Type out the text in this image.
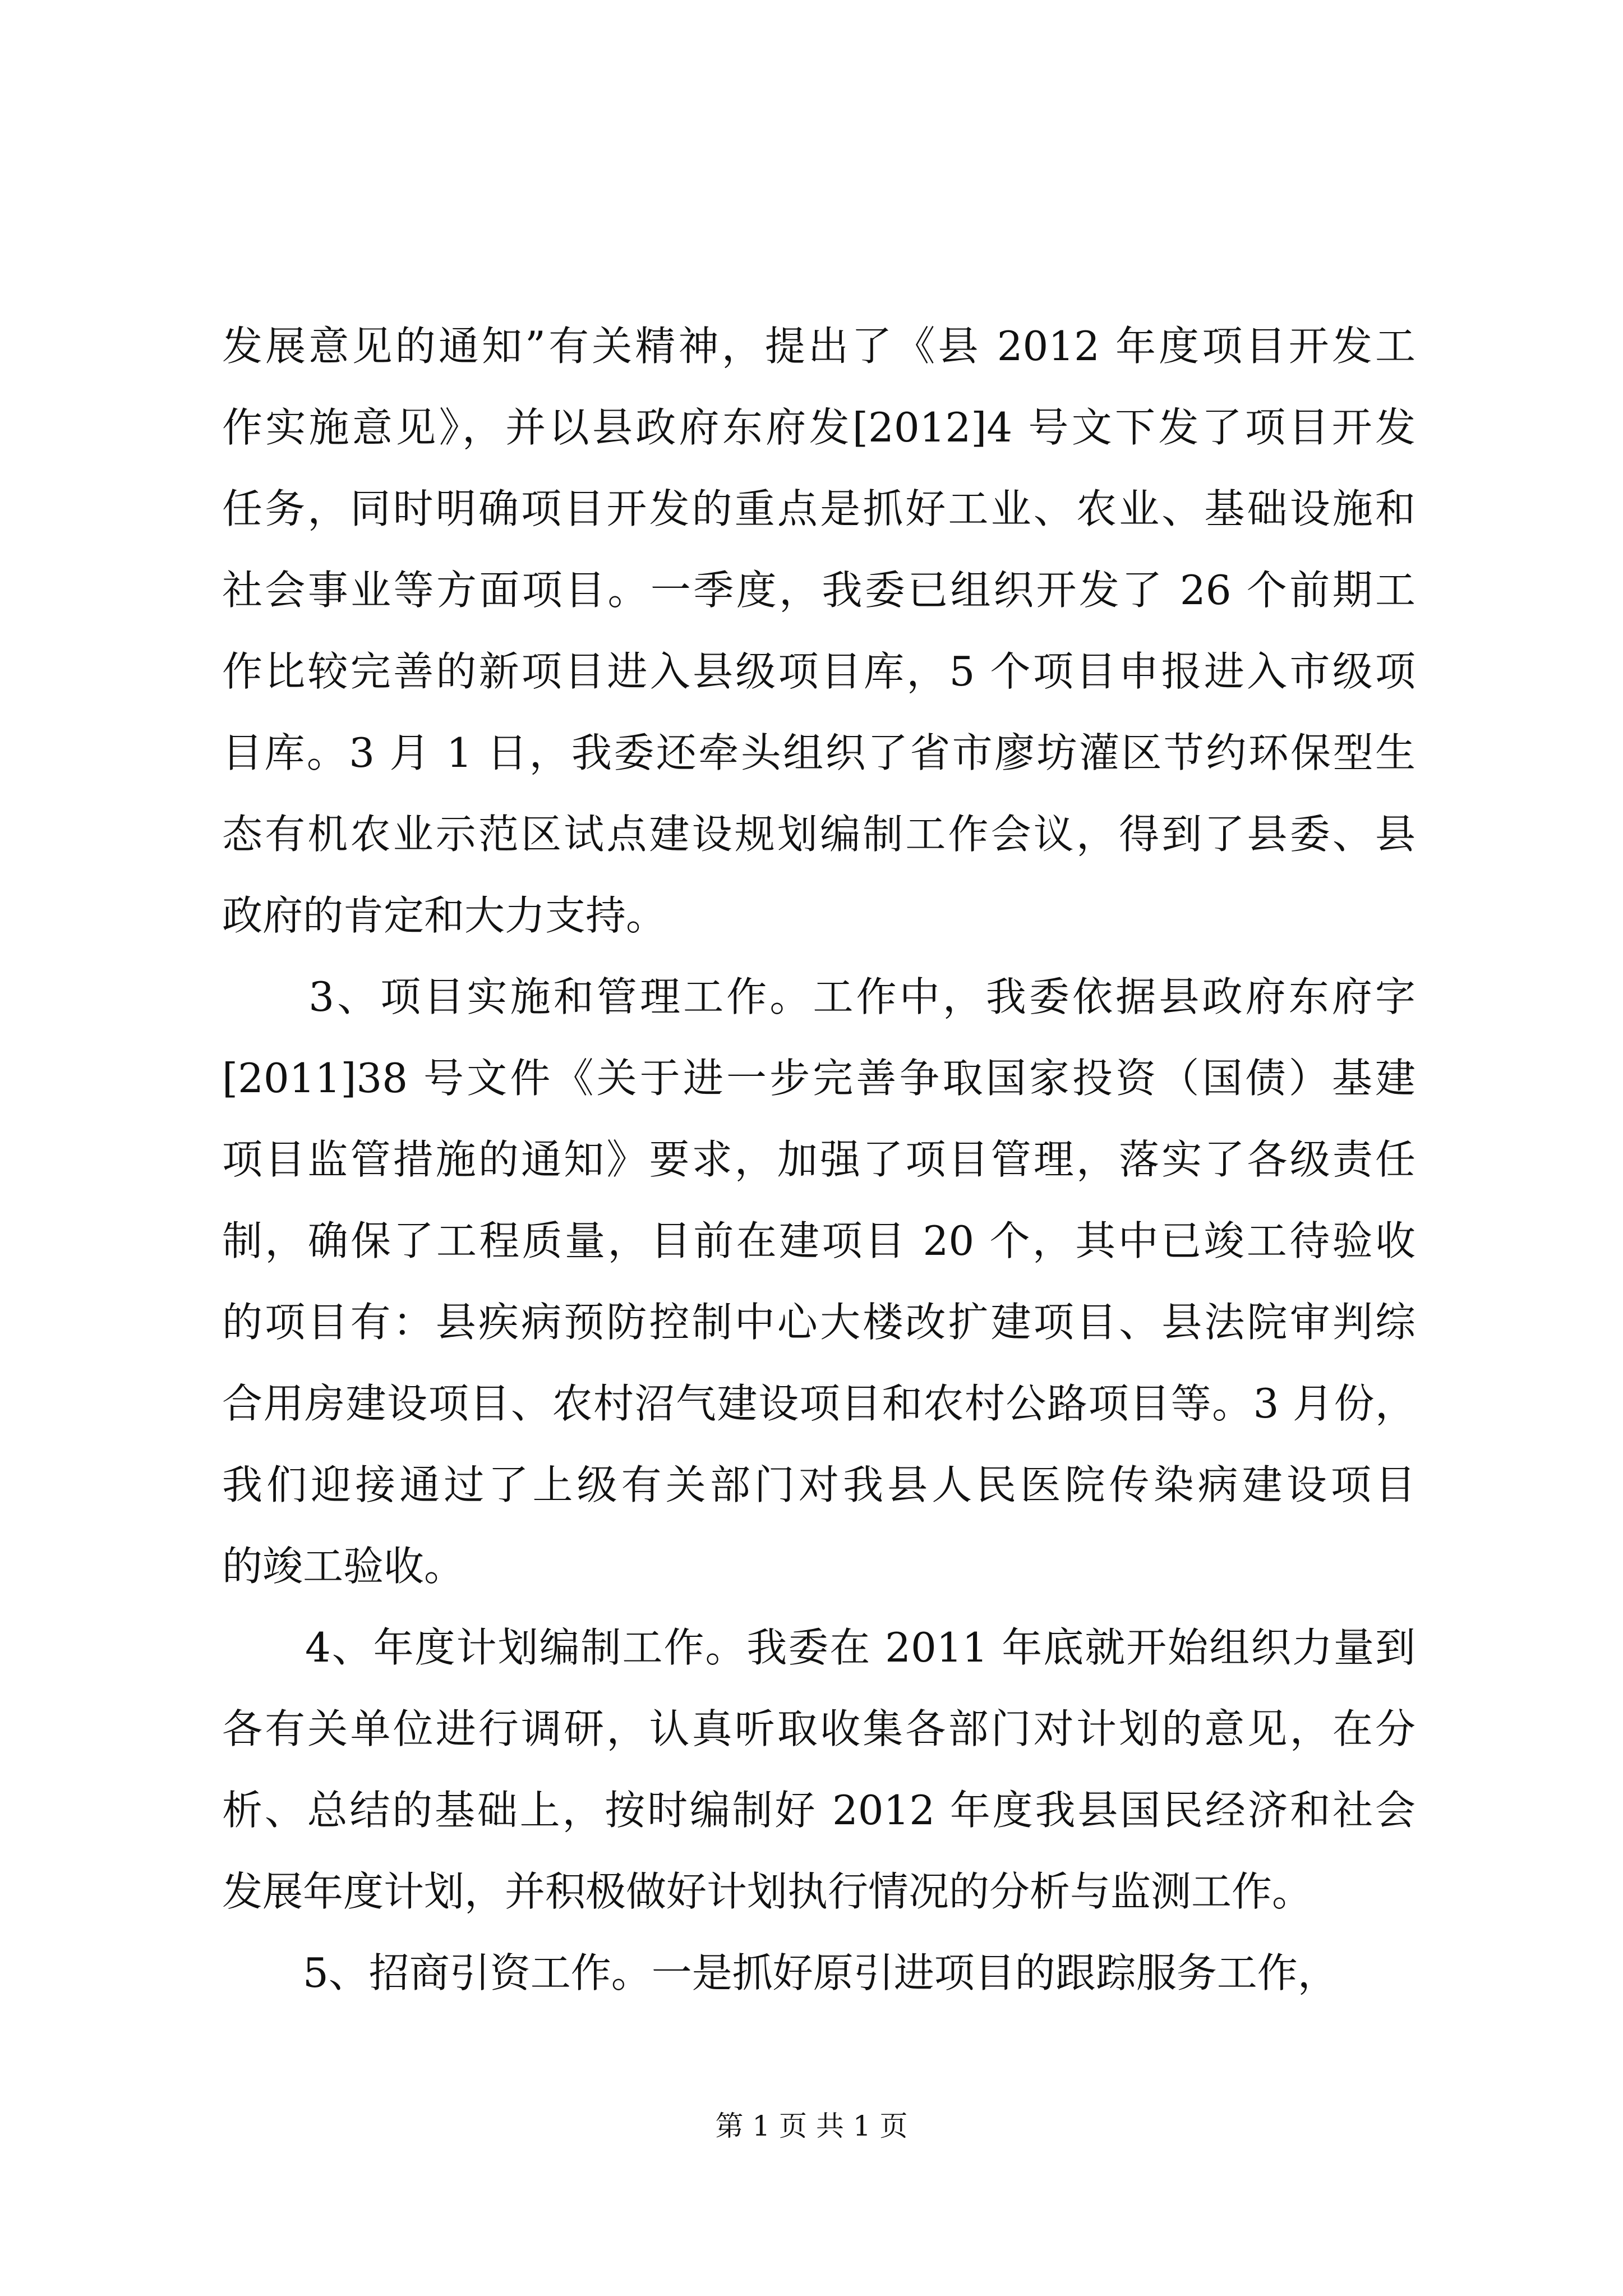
发展意见的通知”有关精神，提出了《县 2012 年度项目开发工
作实施意见》，并以县政府东府发[2012]4 号文下发了项目开发
任务，同时明确项目开发的重点是抓好工业、农业、基础设施和
社会事业等方面项目。一季度，我委已组织开发了 26 个前期工
作比较完善的新项目进入县级项目库，5 个项目申报进入市级项
目库。3 月 1 日，我委还牵头组织了省市廖坊灌区节约环保型生
态有机农业示范区试点建设规划编制工作会议，得到了县委、县
政府的肯定和大力支持。
　　3、项目实施和管理工作。工作中，我委依据县政府东府字
[2011]38 号文件《关于进一步完善争取国家投资（国债）基建
项目监管措施的通知》要求，加强了项目管理，落实了各级责任
制，确保了工程质量，目前在建项目 20 个，其中已竣工待验收
的项目有：县疾病预防控制中心大楼改扩建项目、县法院审判综
合用房建设项目、农村沼气建设项目和农村公路项目等。3 月份，
我们迎接通过了上级有关部门对我县人民医院传染病建设项目
的竣工验收。
　　4、年度计划编制工作。我委在 2011 年底就开始组织力量到
各有关单位进行调研，认真听取收集各部门对计划的意见，在分
析、总结的基础上，按时编制好 2012 年度我县国民经济和社会
发展年度计划，并积极做好计划执行情况的分析与监测工作。
　　5、招商引资工作。一是抓好原引进项目的跟踪服务工作，
第 1 页 共 1 页
